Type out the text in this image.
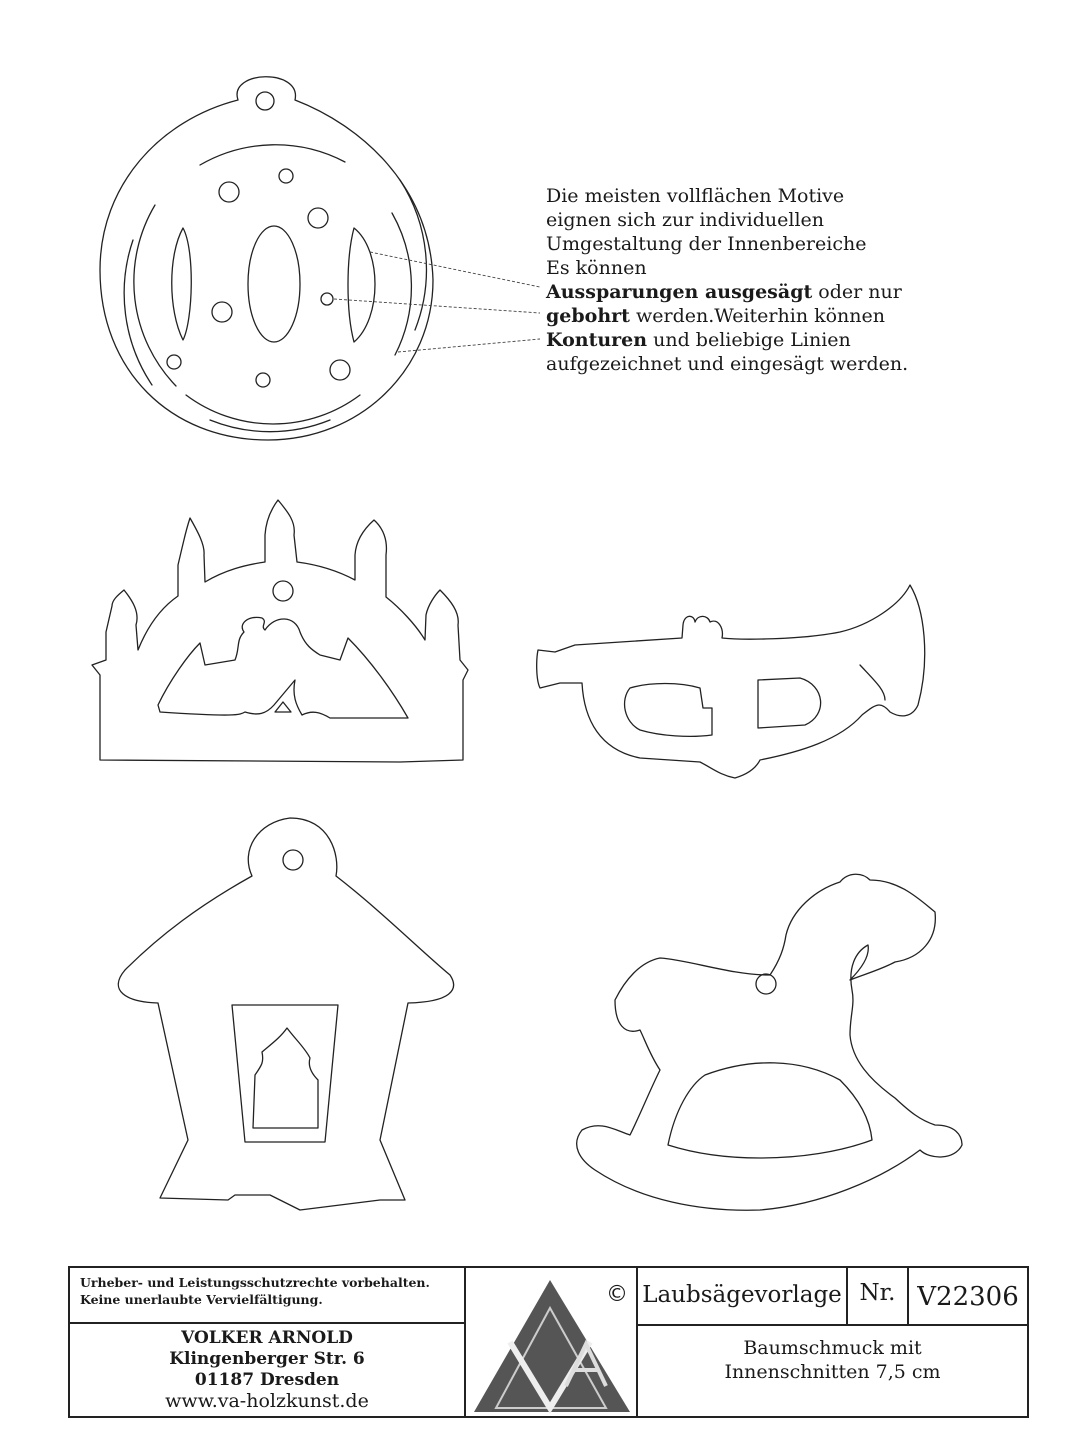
Die meisten vollflächen Motive
eignen sich zur individuellen
Umgestaltung der Innenbereiche
Es können
Aussparungen ausgesägt oder nur
gebohrt werden.Weiterhin können
Konturen und beliebige Linien
aufgezeichnet und eingesägt werden.
Urheber- und Leistungsschutzrechte vorbehalten.
Keine unerlaubte Vervielfältigung.
VOLKER ARNOLD
Klingenberger Str. 6
01187 Dresden
www.va-holzkunst.de
© Laubsägevorlage Nr. V22306
Baumschmuck mit
Innenschnitten 7,5 cm
